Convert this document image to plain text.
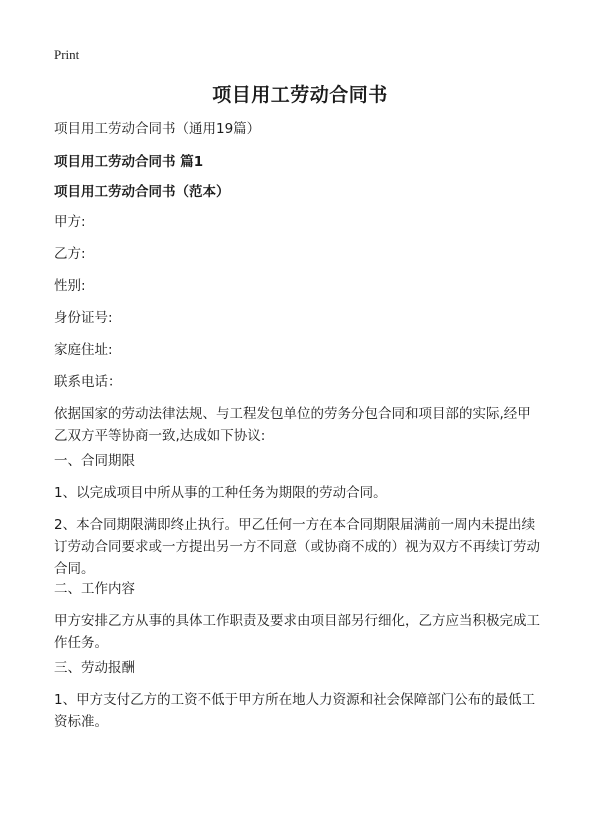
Print
项目用工劳动合同书

项目用工劳动合同书（通用19篇）

项目用工劳动合同书 篇1

项目用工劳动合同书（范本）

甲方:

乙方:

性别:

身份证号:

家庭住址:

联系电话：

依据国家的劳动法律法规、与工程发包单位的劳务分包合同和项目部的实际,经甲

乙双方平等协商一致,达成如下协议:

一、合同期限

1、以完成项目中所从事的工种任务为期限的劳动合同。

2、本合同期限满即终止执行。甲乙任何一方在本合同期限届满前一周内未提出续

订劳动合同要求或一方提出另一方不同意（或协商不成的）视为双方不再续订劳动

合同。

二、工作内容

甲方安排乙方从事的具体工作职责及要求由项目部另行细化，乙方应当积极完成工

作任务。

三、劳动报酬

1、甲方支付乙方的工资不低于甲方所在地人力资源和社会保障部门公布的最低工

资标准。
